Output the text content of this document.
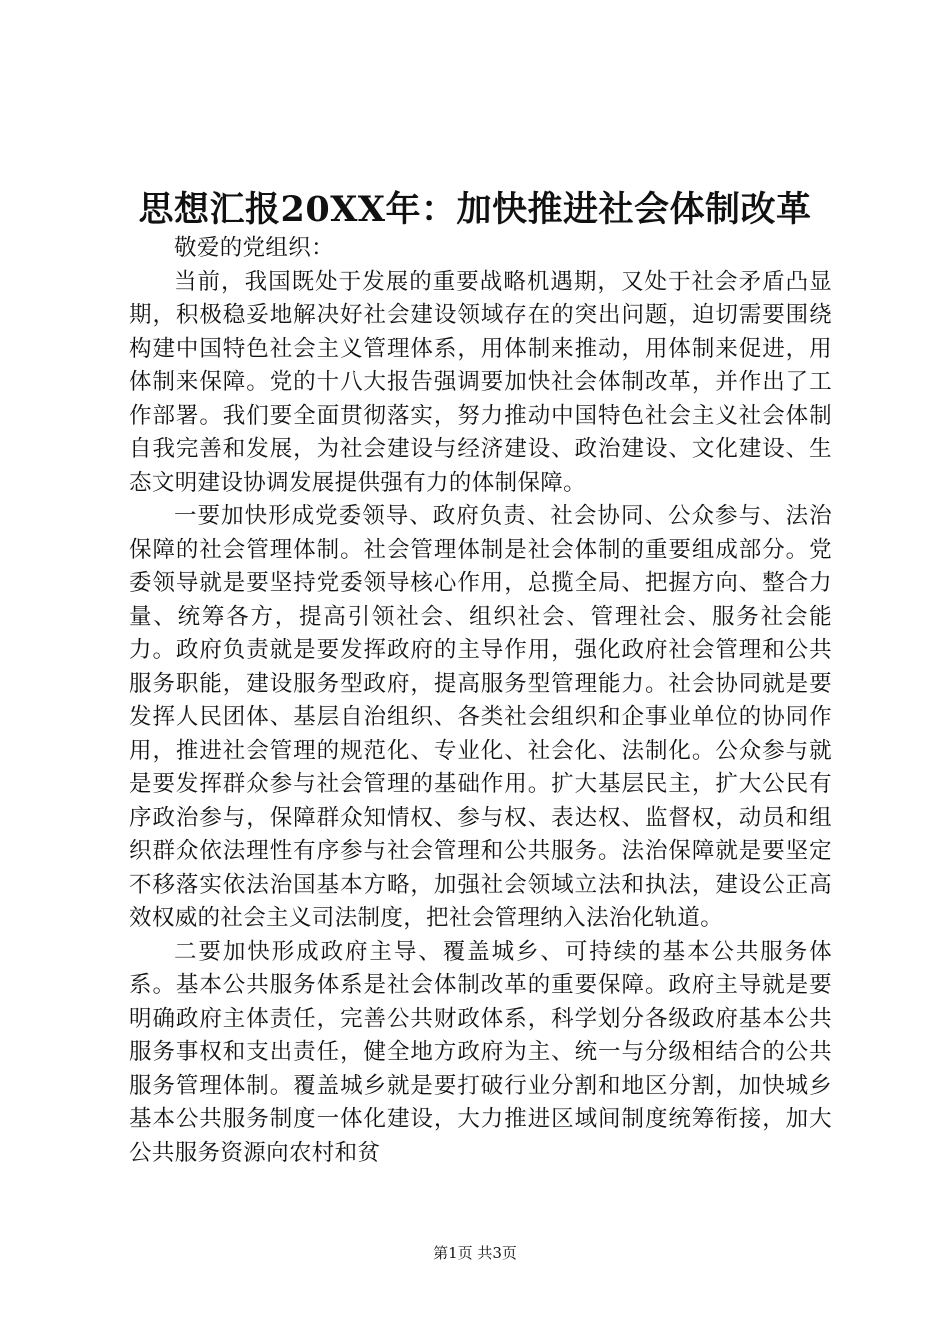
思想汇报20XX年：加快推进社会体制改革

敬爱的党组织：

当前，我国既处于发展的重要战略机遇期，又处于社会矛盾凸显期，积极稳妥地解决好社会建设领域存在的突出问题，迫切需要围绕构建中国特色社会主义管理体系，用体制来推动，用体制来促进，用体制来保障。党的十八大报告强调要加快社会体制改革，并作出了工作部署。我们要全面贯彻落实，努力推动中国特色社会主义社会体制自我完善和发展，为社会建设与经济建设、政治建设、文化建设、生态文明建设协调发展提供强有力的体制保障。

一要加快形成党委领导、政府负责、社会协同、公众参与、法治保障的社会管理体制。社会管理体制是社会体制的重要组成部分。党委领导就是要坚持党委领导核心作用，总揽全局、把握方向、整合力量、统筹各方，提高引领社会、组织社会、管理社会、服务社会能力。政府负责就是要发挥政府的主导作用，强化政府社会管理和公共服务职能，建设服务型政府，提高服务型管理能力。社会协同就是要发挥人民团体、基层自治组织、各类社会组织和企事业单位的协同作用，推进社会管理的规范化、专业化、社会化、法制化。公众参与就是要发挥群众参与社会管理的基础作用。扩大基层民主，扩大公民有序政治参与，保障群众知情权、参与权、表达权、监督权，动员和组织群众依法理性有序参与社会管理和公共服务。法治保障就是要坚定不移落实依法治国基本方略，加强社会领域立法和执法，建设公正高效权威的社会主义司法制度，把社会管理纳入法治化轨道。

二要加快形成政府主导、覆盖城乡、可持续的基本公共服务体系。基本公共服务体系是社会体制改革的重要保障。政府主导就是要明确政府主体责任，完善公共财政体系，科学划分各级政府基本公共服务事权和支出责任，健全地方政府为主、统一与分级相结合的公共服务管理体制。覆盖城乡就是要打破行业分割和地区分割，加快城乡基本公共服务制度一体化建设，大力推进区域间制度统筹衔接，加大公共服务资源向农村和贫

第1页 共3页
